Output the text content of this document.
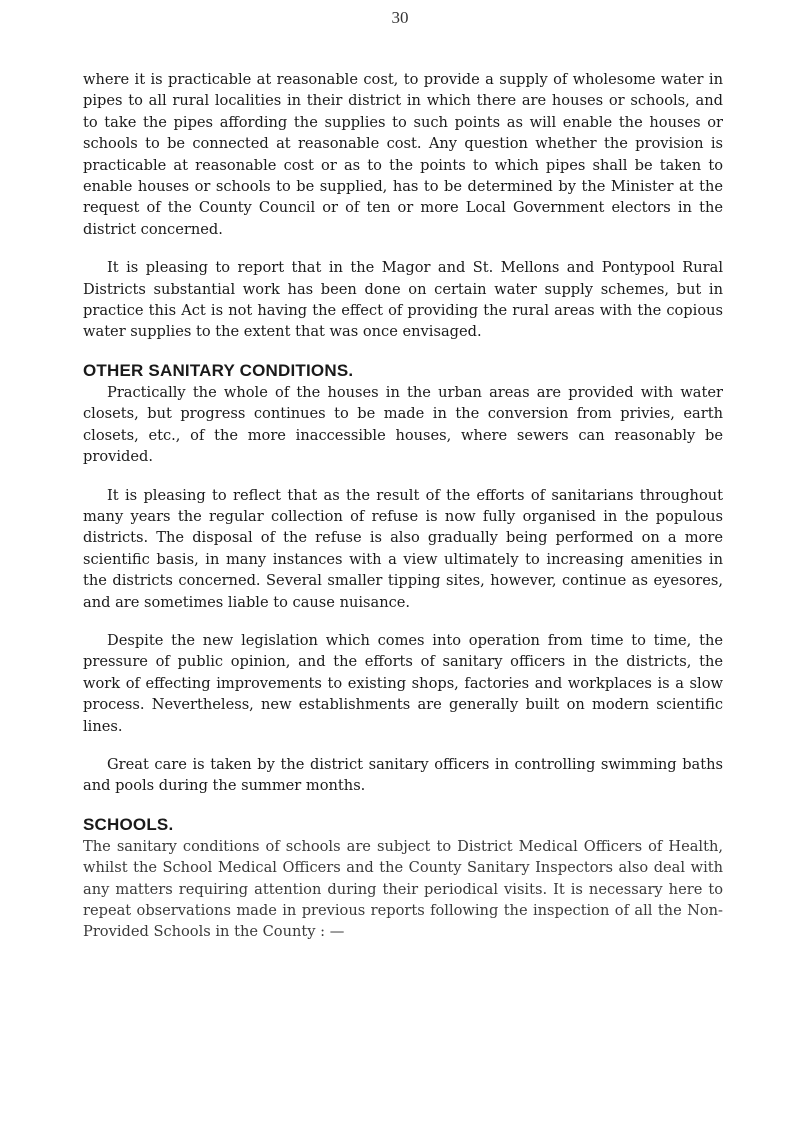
30

where it is practicable at reasonable cost, to provide a supply of wholesome water in pipes to all rural localities in their district in which there are houses or schools, and to take the pipes affording the supplies to such points as will enable the houses or schools to be connected at reasonable cost. Any question whether the provision is practicable at reasonable cost or as to the points to which pipes shall be taken to enable houses or schools to be supplied, has to be determined by the Minister at the request of the County Council or of ten or more Local Government electors in the district concerned.

It is pleasing to report that in the Magor and St. Mellons and Pontypool Rural Districts substantial work has been done on certain water supply schemes, but in practice this Act is not having the effect of providing the rural areas with the copious water supplies to the extent that was once envisaged.

OTHER SANITARY CONDITIONS.

Practically the whole of the houses in the urban areas are provided with water closets, but progress continues to be made in the conversion from privies, earth closets, etc., of the more inaccessible houses, where sewers can reasonably be provided.

It is pleasing to reflect that as the result of the efforts of sanitarians throughout many years the regular collection of refuse is now fully organised in the populous districts. The disposal of the refuse is also gradually being performed on a more scientific basis, in many instances with a view ultimately to increasing amenities in the districts concerned. Several smaller tipping sites, however, continue as eyesores, and are sometimes liable to cause nuisance.

Despite the new legislation which comes into operation from time to time, the pressure of public opinion, and the efforts of sanitary officers in the districts, the work of effecting improvements to existing shops, factories and workplaces is a slow process. Nevertheless, new establishments are generally built on modern scientific lines.

Great care is taken by the district sanitary officers in controlling swimming baths and pools during the summer months.

SCHOOLS.

The sanitary conditions of schools are subject to District Medical Officers of Health, whilst the School Medical Officers and the County Sanitary Inspectors also deal with any matters requiring attention during their periodical visits. It is necessary here to repeat observations made in previous reports following the inspection of all the Non-Provided Schools in the County : —
